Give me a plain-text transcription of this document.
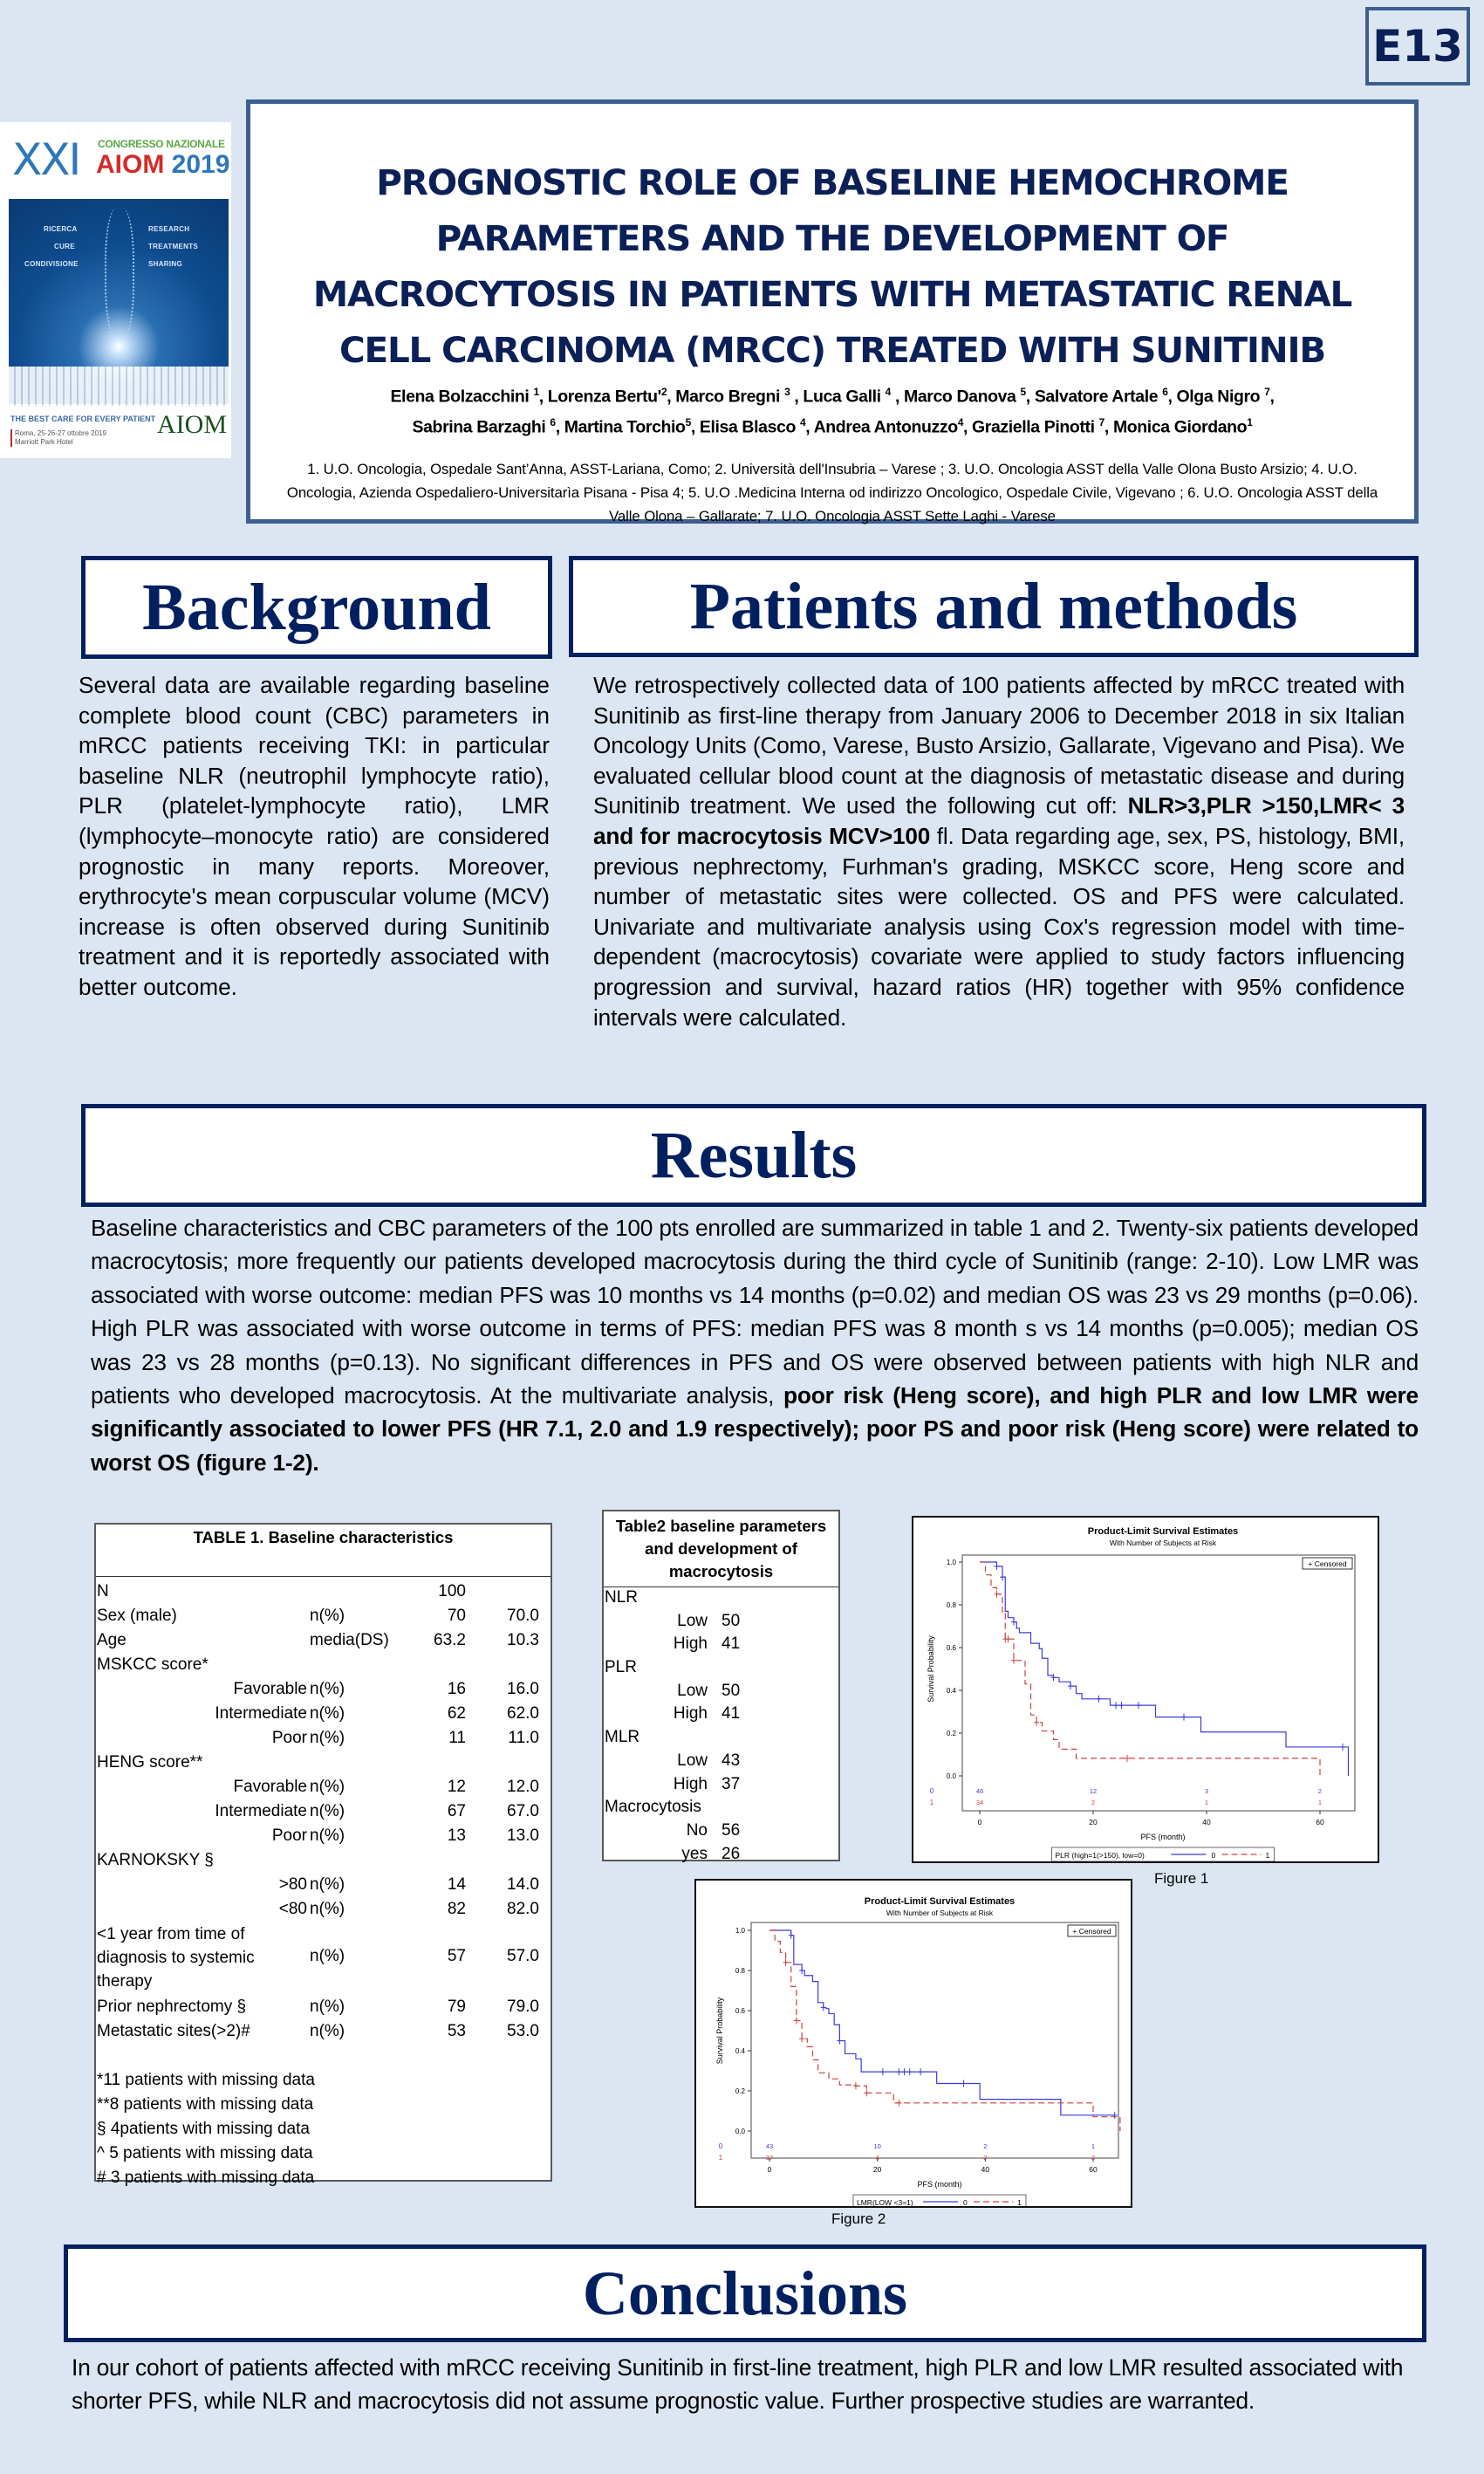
E13
XXI CONGRESSO NAZIONALE
AIOM 2019
RICERCA
CURE
CONDIVISIONE
RESEARCH
TREATMENTS
SHARING
THE BEST CARE FOR EVERY PATIENT
Roma, 25-26-27 ottobre 2019
Marriott Park Hotel
AIOM
PROGNOSTIC ROLE OF BASELINE HEMOCHROME
PARAMETERS AND THE DEVELOPMENT OF
MACROCYTOSIS IN PATIENTS WITH METASTATIC RENAL
CELL CARCINOMA (MRCC) TREATED WITH SUNITINIB
Elena Bolzacchini $^1$, Lorenza $Bertu'^2$, Marco Bregni $^3$ , Luca Galli $^4$ , Marco Danova $^5$, Salvatore Artale $^6$, Olga Nigro $^7$,
Sabrina Barzaghi $^6$, Martina Torchio$^5$, Elisa Blasco $^4$, Andrea Antonuzzo$^4$, Graziella Pinotti $^7$, Monica Giordano$^1$
1. U.O. Oncologia, Ospedale Sant’Anna, ASST-Lariana, Como; 2. Università dell'Insubria – Varese ; 3. U.O. Oncologia ASST della Valle Olona Busto Arsizio; 4. U.O. Oncologia, Azienda Ospedaliero-Universitarìa Pisana - Pisa 4; 5. U.O .Medicina Interna od indirizzo Oncologico, Ospedale Civile, Vigevano ; 6. U.O. Oncologia ASST della Valle Olona – Gallarate; 7. U.O. Oncologia ASST Sette Laghi - Varese
Background
Several data are available regarding baseline complete blood count (CBC) parameters in mRCC patients receiving TKI: in particular baseline NLR (neutrophil lymphocyte ratio), PLR (platelet-lymphocyte ratio), LMR (lymphocyte–monocyte ratio) are considered prognostic in many reports. Moreover, erythrocyte's mean corpuscular volume (MCV) increase is often observed during Sunitinib treatment and it is reportedly associated with better outcome.
Patients and methods
We retrospectively collected data of 100 patients affected by mRCC treated with Sunitinib as first-line therapy from January 2006 to December 2018 in six Italian Oncology Units (Como, Varese, Busto Arsizio, Gallarate, Vigevano and Pisa). We evaluated cellular blood count at the diagnosis of metastatic disease and during Sunitinib treatment. We used the following cut off: NLR>3,PLR >150,LMR< 3 and for macrocytosis MCV>100 fl. Data regarding age, sex, PS, histology, BMI, previous nephrectomy, Furhman's grading, MSKCC score, Heng score and number of metastatic sites were collected. OS and PFS were calculated. Univariate and multivariate analysis using Cox's regression model with time-dependent (macrocytosis) covariate were applied to study factors influencing progression and survival, hazard ratios (HR) together with 95% confidence intervals were calculated.
Results
Baseline characteristics and CBC parameters of the 100 pts enrolled are summarized in table 1 and 2. Twenty-six patients developed macrocytosis; more frequently our patients developed macrocytosis during the third cycle of Sunitinib (range: 2-10). Low LMR was associated with worse outcome: median PFS was 10 months vs 14 months (p=0.02) and median OS was 23 vs 29 months (p=0.06). High PLR was associated with worse outcome in terms of PFS: median PFS was 8 month s vs 14 months (p=0.005); median OS was 23 vs 28 months (p=0.13). No significant differences in PFS and OS were observed between patients with high NLR and patients who developed macrocytosis. At the multivariate analysis, poor risk (Heng score), and high PLR and low LMR were significantly associated to lower PFS (HR 7.1, 2.0 and 1.9 respectively); poor PS and poor risk (Heng score) were related to worst OS (figure 1-2).
TABLE 1. Baseline characteristics
N	100
Sex (male)	n(%)	70 70.0
Age	media(DS)	63.2 10.3
MSKCC score*
Favorable n(%)	16 16.0
Intermediate n(%)	62 62.0
Poor n(%)	11	11.0
HENG score**
Favorable n(%)	12 12.0
Intermediate n(%)	67 67.0
Poor n(%)	13 13.0
KARNOKSKY §
>80 n(%)	14 14.0
<80 n(%)	82 82.0
<1 year from time of
diagnosis to systemic
therapy
n(%)	57 57.0
Prior nephrectomy §	n(%)	79 79.0
Metastatic sites(>2)#	n(%)	53 53.0
*11 patients with missing data
**8 patients with missing data
§ 4patients with missing data
^ 5 patients with missing data
# 3 patients with missing data
Table2 baseline parameters
and development of
macrocytosis
NLR
Low 50
High 41
PLR
Low 50
High 41
MLR
Low 43
High 37
Macrocytosis
No 56
yes 26
Product-Limit Survival Estimates
With Number of Subjects at Risk
0.0
0.2
0.4
0.6
0.8
1.0
0	20	40	60
PFS (month)
Survival Probability
+ Censored
0	46	12	3	2
1	34	2	1	1
PLR (high=1(>150), low=0)	0	1
Figure 1
Product-Limit Survival Estimates
With Number of Subjects at Risk
0.0
0.2
0.4
0.6
0.8
1.0
0	20	40	60
PFS (month)
Survival Probability
+ Censored
0	43	10	2	1
1	37	4	2	2
LMR(LOW <3=1)	0	1
Figure 2
Conclusions
In our cohort of patients affected with mRCC receiving Sunitinib in first-line treatment, high PLR and low LMR resulted associated with shorter PFS, while NLR and macrocytosis did not assume prognostic value. Further prospective studies are warranted.
